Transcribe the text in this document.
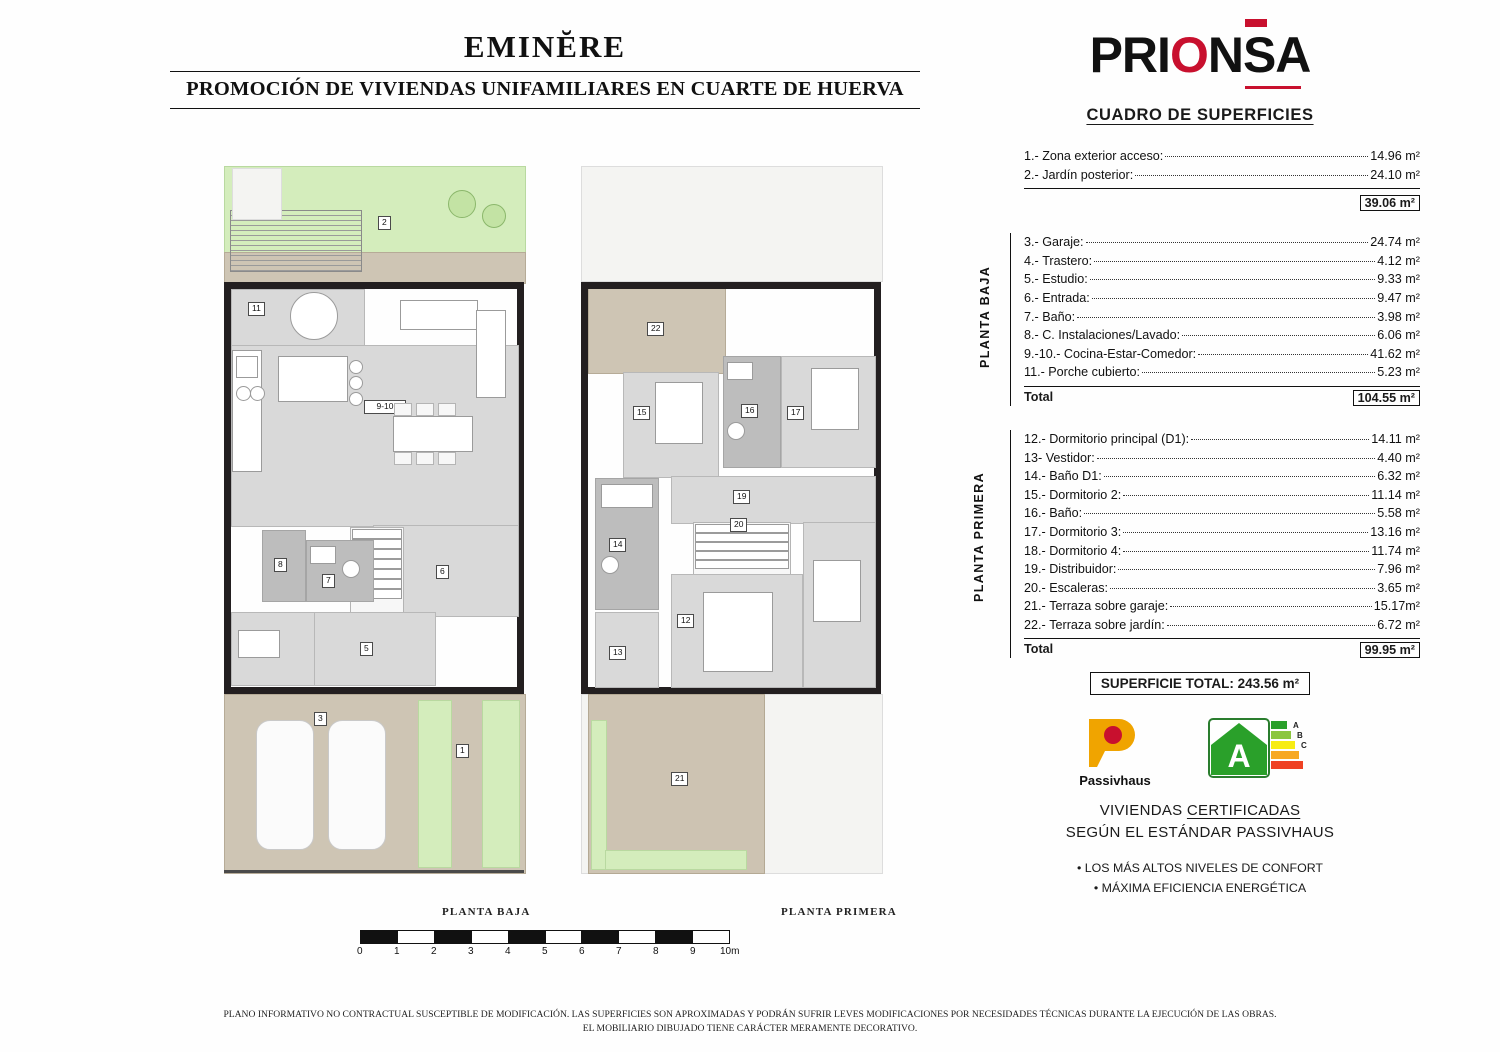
EMINĔRE
PROMOCIÓN DE VIVIENDAS UNIFAMILIARES EN CUARTE DE HUERVA
11
9-10
6
8
7
5
3
1
2
PLANTA BAJA
22
15	16	17
19
20
14
12
13
21
PLANTA PRIMERA
0	1	2	3	4	5	6	7	8	9 10m
PRIONSA
CUADRO DE SUPERFICIES
1.-
Zona exterior acceso:	14.96 m²
2.-
Jardín posterior:	24.10 m²
39.06 m²
PLANTA BAJA
3.-
Garaje:	24.74 m²
4.-
Trastero:	4.12 m²
5.-
Estudio:	9.33 m²
6.-
Entrada:	9.47 m²
7.-
Baño:	3.98 m²
8.-
C. Instalaciones/Lavado:	6.06 m²
9.-10.-
Cocina-Estar-Comedor:	41.62 m²
11.-
Porche cubierto:	5.23 m²
Total	104.55 m²
PLANTA PRIMERA
12.-
Dormitorio principal (D1):	14.11 m²
13-
Vestidor:	4.40 m²
14.-
Baño D1:	6.32 m²
15.-
Dormitorio 2:	11.14 m²
16.-
Baño:	5.58 m²
17.-
Dormitorio 3:	13.16 m²
18.-
Dormitorio 4:	11.74 m²
19.-
Distribuidor:	7.96 m²
20.-
Escaleras:	3.65 m²
21.-
Terraza sobre garaje:	15.17m²
22.-
Terraza sobre jardín:	6.72 m²
Total	99.95 m²
SUPERFICIE TOTAL: 243.56 m²
Passivhaus
A
A
B
C
VIVIENDAS CERTIFICADAS
SEGÚN EL ESTÁNDAR PASSIVHAUS
• LOS MÁS ALTOS NIVELES DE CONFORT
• MÁXIMA EFICIENCIA ENERGÉTICA
PLANO INFORMATIVO NO CONTRACTUAL SUSCEPTIBLE DE MODIFICACIÓN. LAS SUPERFICIES SON APROXIMADAS Y PODRÁN SUFRIR LEVES MODIFICACIONES POR NECESIDADES TÉCNICAS DURANTE LA EJECUCIÓN DE LAS OBRAS.
EL MOBILIARIO DIBUJADO TIENE CARÁCTER MERAMENTE DECORATIVO.
